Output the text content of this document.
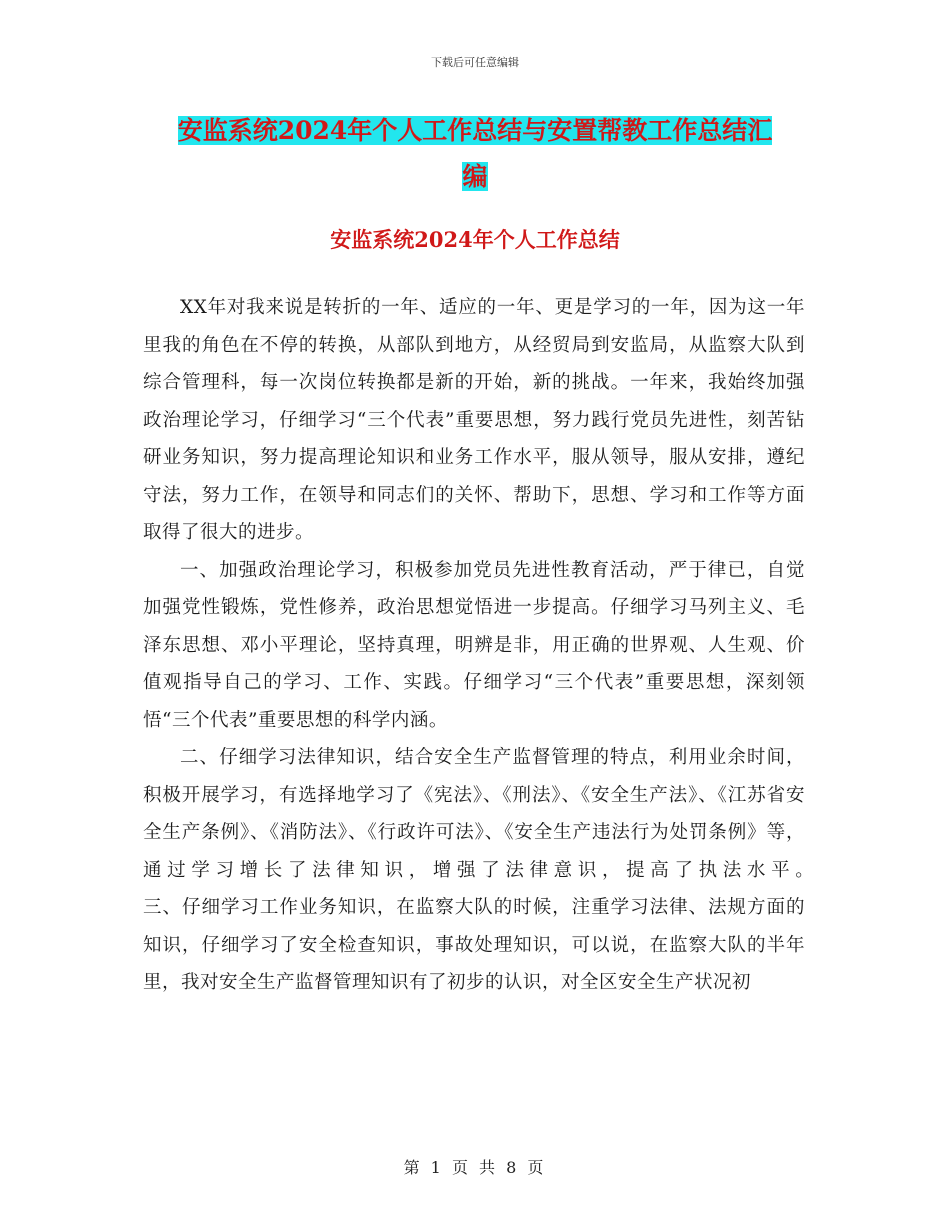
下载后可任意编辑
安监系统2024年个人工作总结与安置帮教工作总结汇
编
安监系统2024年个人工作总结

XX年对我来说是转折的一年、适应的一年、更是学习的一年，因为这一年里我的角色在不停的转换，从部队到地方，从经贸局到安监局，从监察大队到综合管理科，每一次岗位转换都是新的开始，新的挑战。一年来，我始终加强政治理论学习，仔细学习“三个代表”重要思想，努力践行党员先进性，刻苦钻研业务知识，努力提高理论知识和业务工作水平，服从领导，服从安排，遵纪守法，努力工作，在领导和同志们的关怀、帮助下，思想、学习和工作等方面取得了很大的进步。

一、加强政治理论学习，积极参加党员先进性教育活动，严于律已，自觉加强党性锻炼，党性修养，政治思想觉悟进一步提高。仔细学习马列主义、毛泽东思想、邓小平理论，坚持真理，明辨是非，用正确的世界观、人生观、价值观指导自己的学习、工作、实践。仔细学习“三个代表”重要思想，深刻领悟“三个代表”重要思想的科学内涵。

二、仔细学习法律知识，结合安全生产监督管理的特点，利用业余时间，积极开展学习，有选择地学习了《宪法》、《刑法》、《安全生产法》、《江苏省安全生产条例》、《消防法》、《行政许可法》、《安全生产违法行为处罚条例》等，通过学习增长了法律知识，增强了法律意识，提高了执法水平。　　　　　　三、仔细学习工作业务知识，在监察大队的时候，注重学习法律、法规方面的知识，仔细学习了安全检查知识，事故处理知识，可以说，在监察大队的半年里，我对安全生产监督管理知识有了初步的认识，对全区安全生产状况初

第 1 页 共 8 页
